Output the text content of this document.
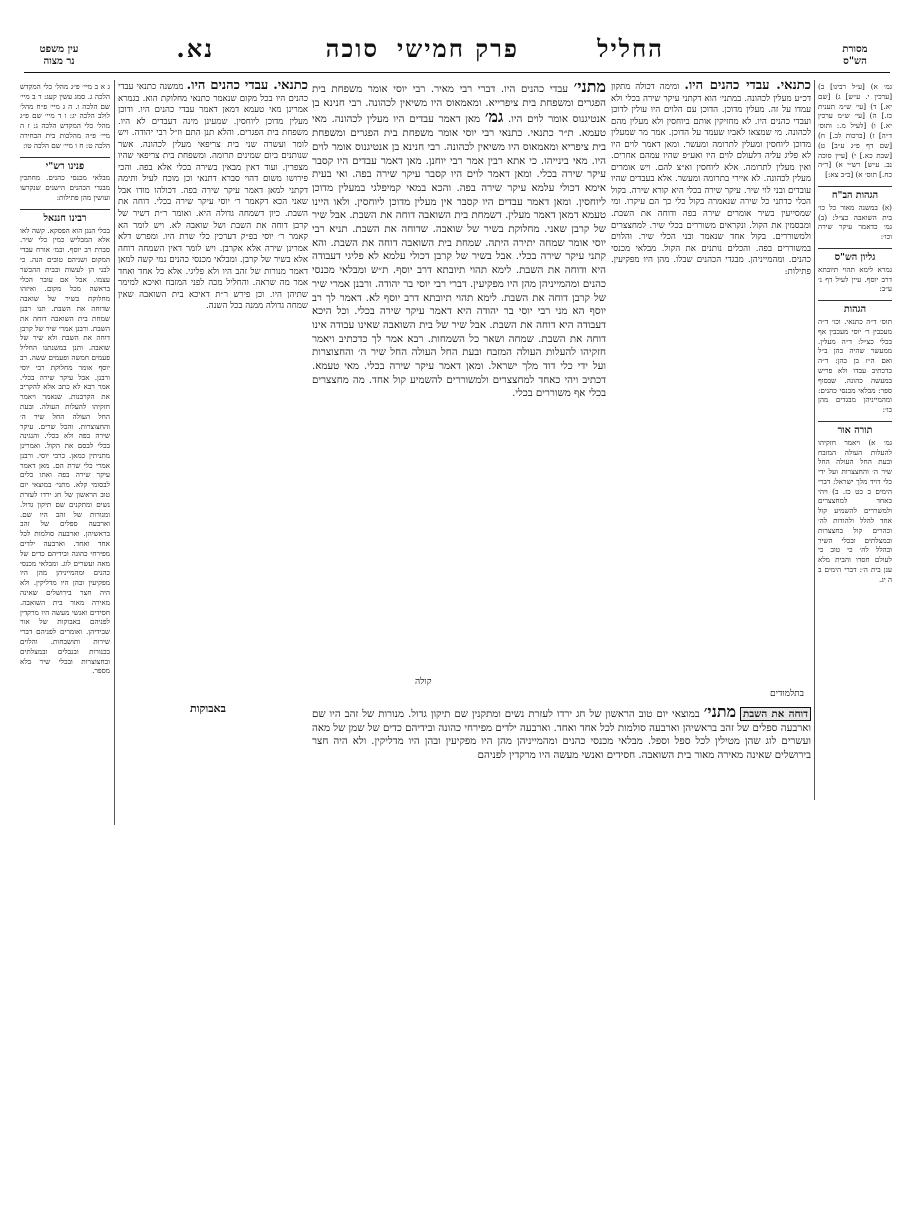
עין משפט
נר מצוה	החליל
פרק חמישי
סוכה
נא.	מסורת
הש"ס
גמ׳ א) [ע״ל רבינו] ב) [ערכין י. ע״ש] ג) [שם יא.] ד) [עי׳ ש״מ תענית כז.] ה) [עי׳ ש״מ ערכין יא.] ו) [לעיל מ.: ותוס׳ ד״ה] ז) [ברכות לב.] ח) [שם דף פ״ג ע״ב] ט) [שבת כא.] י) [עיין סוכה נב. ע״ש] רש״י א) [ר״ה כח.] תוס׳ א) [ב״ב צא:]
הגהות הב"ח
(א) במשנה מאור כל כו׳ בית השואבה כצ״ל: (ב) גמ׳ כדאמר עיקר שירה וכו׳:
גליון הש"ס
גמרא לימא תהוי תיובתא דרב יוסף. עיין לעיל דף נ׳ ע״ב:
הגהות
תוס׳ ד״ה כתנאי. וכו׳ ד״ה מעכבין ר׳ יוסי מעכבין אף בכלי כצ״ל: ד״ה מעלין. ממעשר שהיה כהן ב״ל ואם ה״ז בן כהן: ד״ה כדכתיב עבדו ולא פריש במעשה כהונה. שבסוף ספר: מבלאי מכנסי כהנים: ומהמייניהן מבגדים מהן כו׳:
תורה אור
גמ׳ א) ויאמר חזקיהו להעלות העולה המזבח ובעת החל העולה החל שיר ה׳ והחצצרות ועל ידי כלי דויד מלך ישראל: דברי הימים ב כט כז. ב) ויהי כאחד למחצצרים ולמשררים להשמיע קול אחד להלל ולהודות לה׳ וכהרים קול בחצצרות ובמצלתים ובכלי השיר ובהלל לה׳ כי טוב כי לעולם חסדו והבית מלא ענן בית ה׳: דברי הימים ב ה יג.
ג א ב מיי׳ פ״ג מהל׳ כלי המקדש הלכה ג. סמג עשין קעג: ד ב מיי׳ שם הלכה ו. ה ג מיי׳ פ״ח מהל׳ לולב הלכה יג: ו ד מיי׳ שם פ״ג מהל׳ כלי המקדש הלכה ג: ז ה מיי׳ פ״ה מהלכות בית הבחירה הלכה ט: ח ו מיי׳ שם הלכה טו:
פנינו רש"י
מבלאי מכנסי כהנים. מחתכין מבגדי הכהנים הישנים שנקרעו ועושין מהן פתילות:
רבינו חננאל
בכלי הנגן הוא הפסקא. קשה לאו אלא המבליש כמין כלי שיר. סברת רב יוסף. ובמ׳ אורח עבדי המקום ושניהם טובים הנה. כי לבני הן לעשות ובבית ההכשר עצמו. אבל אם עובר הכלי בראשה מכל מקום. ואיזהו מחלוקת בשיר של שואבה שדוחה את השבת. תנו רבנן שמחת בית השואבה דוחה את השבת. ורבנן אמרי שיר של קרבן דוחה את השבת ולא שיר של שואבה. ותנן במשנתנו החליל פעמים חמשה ופעמים ששה. רב יוסף אומר מחלוקת רבי יוסי ורבנן. אבל עיקר שירה בכלי. אמר רבא לא כתב אלא להקריב את הקרבנות. שנאמר ויאמר חזקיהו להעלות העולה. ובעת החל העולה החל שיר ה׳ והחצוצרות. והכל שרים. עיקר שירה בפה ולא בכלי. והנגינה בכלי לבסם את הקול. ואמרינן מתניתין כמאן. כרבי יוסי. ורבנן אמרי כלי שרת הם. מאן דאמר עיקר שירה בפה ואתו כלים לבסומי קלא. מתני׳ במוצאי יום טוב הראשון של חג ירדו לעזרת נשים ומתקנים שם תיקון גדול. ומנורות של זהב היו שם. וארבעה ספלים של זהב בראשיהן. וארבעה סולמות לכל אחד ואחד. וארבעה ילדים מפירחי כהונה ובידיהם כדים של מאה ועשרים לוג. ומבלאי מכנסי כהנים ומהמייניהן מהן היו מפקיעין ובהן היו מדליקין. ולא היה חצר בירושלים שאינה מאירה מאור בית השואבה. חסידים ואנשי מעשה היו מרקדין לפניהם באבוקות של אור שבידיהן. ואומרים לפניהם דברי שירות ותושבחות. והלוים בכנורות ובנבלים ובמצלתים ובחצוצרות ובכלי שיר בלא מספר.
כתנאי. עבדי כהנים היו. ומימה דכולה מתקון דכ״ע מעלין לכהונה. במתני׳ הוא דקתני עיקר שירה בכלי ולא עמדו על זה. מעלין מדוכן. הדוכן עם הלוים היו עולין לדוכן ועבדי כהנים היו. לא מחזיקין אותם ביוחסין ולא מעלין מהם לכהונה. מי שמצאו לאביו שעמד על הדוכן. אמר מר שמעלין מדוכן ליוחסין ומעלין לתרומה ומעשר. ומאן דאמר לוים היו לא פליג עליה דלעולם לוים היו ואע״פ שהיו עמהם אחרים. ואין מעלין לתרומה. אלא ליוחסין וא״צ להם. ויש אומרים מעלין לכהונה. לא איירי בתרומה ומעשר. אלא בעבדים שהיו עובדים ובני לוי שיר. עיקר שירה בכלי היא קורא שירה. בקול הכלי כדתני כל שירה שנאמרה בקול כלי כך הם עיקרו. ומי שמסייעין בשיר אומרים שירה בפה ודוחה את השבת. ומבסמין את הקול. ונקראים משוררים בכלי שיר. למחצצרים ולמשוררים. בקול אחד שנאמר ובני הכלי שיר. והלוים במשוררים בפה. והכלים נותנים את הקול. מבלאי מכנסי כהנים. ומהמייניהן. מבגדי הכהנים שבלו. מהן היו מפקיעין. פתילות:
כתנאי. עבדי כהנים היו. ממשנה כתנאי עבדי כהנים היו בכל מקום שנאמר כתנאי מחלוקת הוא. בגמרא אמרינן מאי טעמא דמאן דאמר עבדי כהנים היו. ודוכן מעלין מדוכן ליוחסין. שמעינן מינה דעבדים לא היו. משפחת בית הפגרים. והלא תנן התם וז״ל רבי יהודה. ויש לומר ועשרה שני בית צריפאי מעלין לכהונה. אשר שנותנים ביום שמינים תרומה. ומשפחת בית צריפאי שהיו מצפרין. ועוד דאין מבאין בשירה בכלי אלא בפה. והכי פירושו משום דהוי סברא דתנאי וכן מוכח לעיל ותימה דקתני למאן דאמר עיקר שירה בפה. דכולהו מודו אבל שאני הכא דקאמר ר׳ יוסי עיקר שירה בכלי. דוחה את השבת. כיון דשמחה גדולה היא. ואומר ר״ת דשיר של קרבן דוחה את השבת ושל שואבה לא. ויש לומר הא קאמר ר׳ יוסי בפ״ק דערכין כלי שרת היו. ומפרש דלא אמרינן שירה אלא אקרבן. ויש לומר דאין השמחה דוחה אלא בשיר של קרבן. ומבלאי מכנסי כהנים נמי קשה למאן דאמר מנורות של זהב היו ולא פליגי. אלא כל אחד ואחד אמר מה שראה. והחליל מכה לפני המזבח ואיכא למימר שתיהן היו. וכן פירש ר״ת דאיכא בית השואבה שאין שמחה גדולה ממנה בכל השנה.
מתני׳ עבדי כהנים היו. דברי רבי מאיר. רבי יוסי אומר משפחת בית הפגרים ומשפחת בית ציפרייא. ומאמאוס היו משיאין לכהונה. רבי חנינא בן אנטיגנוס אומר לוים היו. גמ׳ מאן דאמר עבדים היו מעלין לכהונה. מאי טעמא. ת״ר כתנאי. כתנאי רבי יוסי אומר משפחת בית הפגרים ומשפחת בית ציפריא ומאמאוס היו משיאין לכהונה. רבי חנינא בן אנטיגנוס אומר לוים היו. מאי בינייהו. כי אתא רבין אמר רבי יוחנן. מאן דאמר עבדים היו קסבר עיקר שירה בכלי. ומאן דאמר לוים היו קסבר עיקר שירה בפה. ואי בעית אימא דכולי עלמא עיקר שירה בפה. והכא במאי קמיפלגי במעלין מדוכן ליוחסין. ומאן דאמר עבדים היו קסבר אין מעלין מדוכן ליוחסין. ולאו היינו טעמא דמאן דאמר מעלין. דשמחת בית השואבה דוחה את השבת. אבל שיר של קרבן שאני. מחלוקת בשיר של שואבה. שדוחה את השבת. תניא רבי יוסי אומר שמחה יתירה היתה. שמחת בית השואבה דוחה את השבת. והא קתני עיקר שירה בכלי. אבל בשיר של קרבן דכולי עלמא לא פליגי דעבודה היא ודוחה את השבת. לימא תהוי תיובתא דרב יוסף. ת״ש ומבלאי מכנסי כהנים ומהמייניהן מהן היו מפקיעין. דברי רבי יוסי בר יהודה. ורבנן אמרי שיר של קרבן דוחה את השבת. לימא תהוי תיובתא דרב יוסף לא. דאמר לך רב יוסף הא מני רבי יוסי בר יהודה היא דאמר עיקר שירה בכלי. וכל היכא דעבודה היא דוחה את השבת. אבל שיר של בית השואבה שאינו עבודה אינו דוחה את השבת. שמחה ושאר כל השמחות. רבא אמר לך כדכתיב ויאמר חזקיהו להעלות העולה המזבח ובעת החל העולה החל שיר ה׳ והחצוצרות ועל ידי כלי דוד מלך ישראל. ומאן דאמר עיקר שירה בכלי. מאי טעמא. דכתיב ויהי כאחד למחצצרים ולמשוררים להשמיע קול אחד. מה מחצצרים בכלי אף משוררים בכלי.
דוחה את השבת מתני׳ במוצאי יום טוב הראשון של חג ירדו לעזרת נשים ומתקנין שם תיקון גדול. מנורות של זהב היו שם וארבעה ספלים של זהב בראשיהן וארבעה סולמות לכל אחד ואחד. וארבעה ילדים מפירחי כהונה ובידיהם כדים של שמן של מאה ועשרים לוג שהן מטילין לכל ספל וספל. מבלאי מכנסי כהנים ומהמייניהן מהן היו מפקיעין ובהן היו מדליקין. ולא היה חצר בירושלים שאינה מאירה מאור בית השואבה. חסידים ואנשי מעשה היו מרקדין לפניהם
באבוקות
קולה
בתלמודים
